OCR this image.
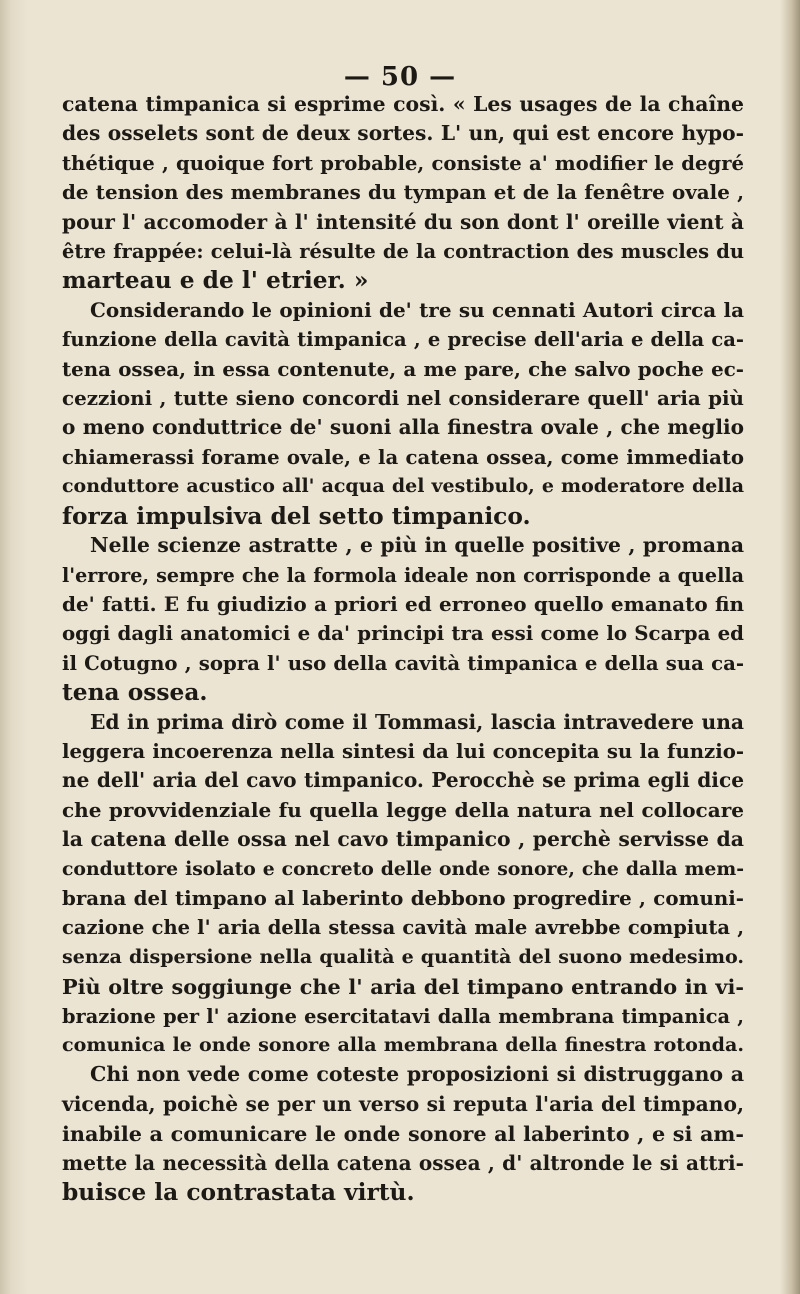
— 50 —
catena timpanica si esprime così. « Les usages de la chaîne
des osselets sont de deux sortes. L' un, qui est encore hypo-
thétique , quoique fort probable, consiste a' modifier le degré
de tension des membranes du tympan et de la fenêtre ovale ,
pour l' accomoder à l' intensité du son dont l' oreille vient à
être frappée: celui-là résulte de la contraction des muscles du
marteau e de l' etrier. »
Considerando le opinioni de' tre su cennati Autori circa la
funzione della cavità timpanica , e precise dell'aria e della ca-
tena ossea, in essa contenute, a me pare, che salvo poche ec-
cezzioni , tutte sieno concordi nel considerare quell' aria più
o meno conduttrice de' suoni alla finestra ovale , che meglio
chiamerassi forame ovale, e la catena ossea, come immediato
conduttore acustico all' acqua del vestibulo, e moderatore della
forza impulsiva del setto timpanico.
Nelle scienze astratte , e più in quelle positive , promana
l'errore, sempre che la formola ideale non corrisponde a quella
de' fatti. E fu giudizio a priori ed erroneo quello emanato fin
oggi dagli anatomici e da' principi tra essi come lo Scarpa ed
il Cotugno , sopra l' uso della cavità timpanica e della sua ca-
tena ossea.
Ed in prima dirò come il Tommasi, lascia intravedere una
leggera incoerenza nella sintesi da lui concepita su la funzio-
ne dell' aria del cavo timpanico. Perocchè se prima egli dice
che provvidenziale fu quella legge della natura nel collocare
la catena delle ossa nel cavo timpanico , perchè servisse da
conduttore isolato e concreto delle onde sonore, che dalla mem-
brana del timpano al laberinto debbono progredire , comuni-
cazione che l' aria della stessa cavità male avrebbe compiuta ,
senza dispersione nella qualità e quantità del suono medesimo.
Più oltre soggiunge che l' aria del timpano entrando in vi-
brazione per l' azione esercitatavi dalla membrana timpanica ,
comunica le onde sonore alla membrana della finestra rotonda.
Chi non vede come coteste proposizioni si distruggano a
vicenda, poichè se per un verso si reputa l'aria del timpano,
inabile a comunicare le onde sonore al laberinto , e si am-
mette la necessità della catena ossea , d' altronde le si attri-
buisce la contrastata virtù.
